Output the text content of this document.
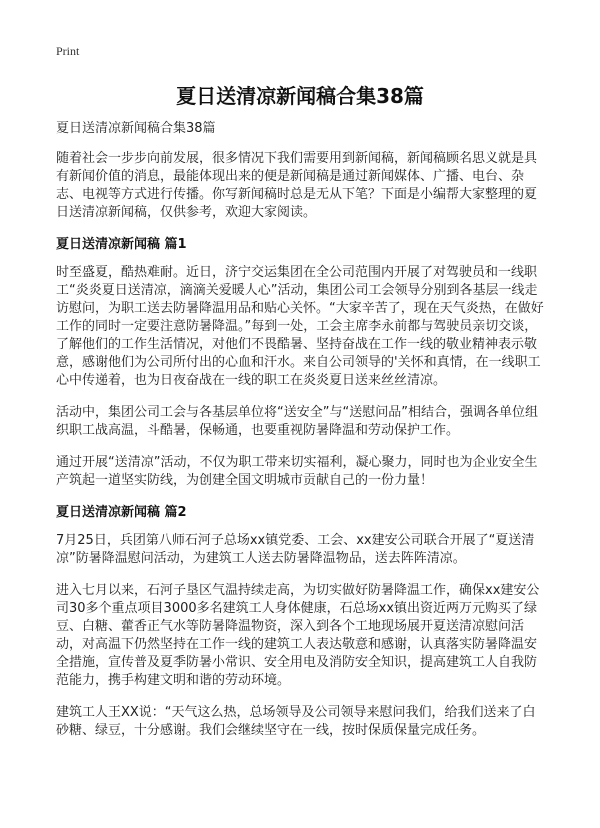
Print
夏日送清凉新闻稿合集38篇

夏日送清凉新闻稿合集38篇

随着社会一步步向前发展，很多情况下我们需要用到新闻稿，新闻稿顾名思义就是具有新闻价值的消息，最能体现出来的便是新闻稿是通过新闻媒体、广播、电台、杂志、电视等方式进行传播。你写新闻稿时总是无从下笔？下面是小编帮大家整理的夏日送清凉新闻稿，仅供参考，欢迎大家阅读。

夏日送清凉新闻稿 篇1

时至盛夏，酷热难耐。近日，济宁交运集团在全公司范围内开展了对驾驶员和一线职工“炎炎夏日送清凉，滴滴关爱暖人心”活动，集团公司工会领导分别到各基层一线走访慰问，为职工送去防暑降温用品和贴心关怀。“大家辛苦了，现在天气炎热，在做好工作的同时一定要注意防暑降温。”每到一处，工会主席李永前都与驾驶员亲切交谈，了解他们的工作生活情况，对他们不畏酷暑、坚持奋战在工作一线的敬业精神表示敬意，感谢他们为公司所付出的心血和汗水。来自公司领导的'关怀和真情，在一线职工心中传递着，也为日夜奋战在一线的职工在炎炎夏日送来丝丝清凉。

活动中，集团公司工会与各基层单位将“送安全”与“送慰问品”相结合，强调各单位组织职工战高温，斗酷暑，保畅通，也要重视防暑降温和劳动保护工作。

通过开展“送清凉”活动，不仅为职工带来切实福利，凝心聚力，同时也为企业安全生产筑起一道坚实防线，为创建全国文明城市贡献自己的一份力量！

夏日送清凉新闻稿 篇2

7月25日，兵团第八师石河子总场xx镇党委、工会、xx建安公司联合开展了“夏送清凉”防暑降温慰问活动，为建筑工人送去防暑降温物品，送去阵阵清凉。

进入七月以来，石河子垦区气温持续走高，为切实做好防暑降温工作，确保xx建安公司30多个重点项目3000多名建筑工人身体健康，石总场xx镇出资近两万元购买了绿豆、白糖、藿香正气水等防暑降温物资，深入到各个工地现场展开夏送清凉慰问活动，对高温下仍然坚持在工作一线的建筑工人表达敬意和感谢，认真落实防暑降温安全措施，宣传普及夏季防暑小常识、安全用电及消防安全知识，提高建筑工人自我防范能力，携手构建文明和谐的劳动环境。

建筑工人王XX说：“天气这么热，总场领导及公司领导来慰问我们，给我们送来了白砂糖、绿豆，十分感谢。我们会继续坚守在一线，按时保质保量完成任务。
